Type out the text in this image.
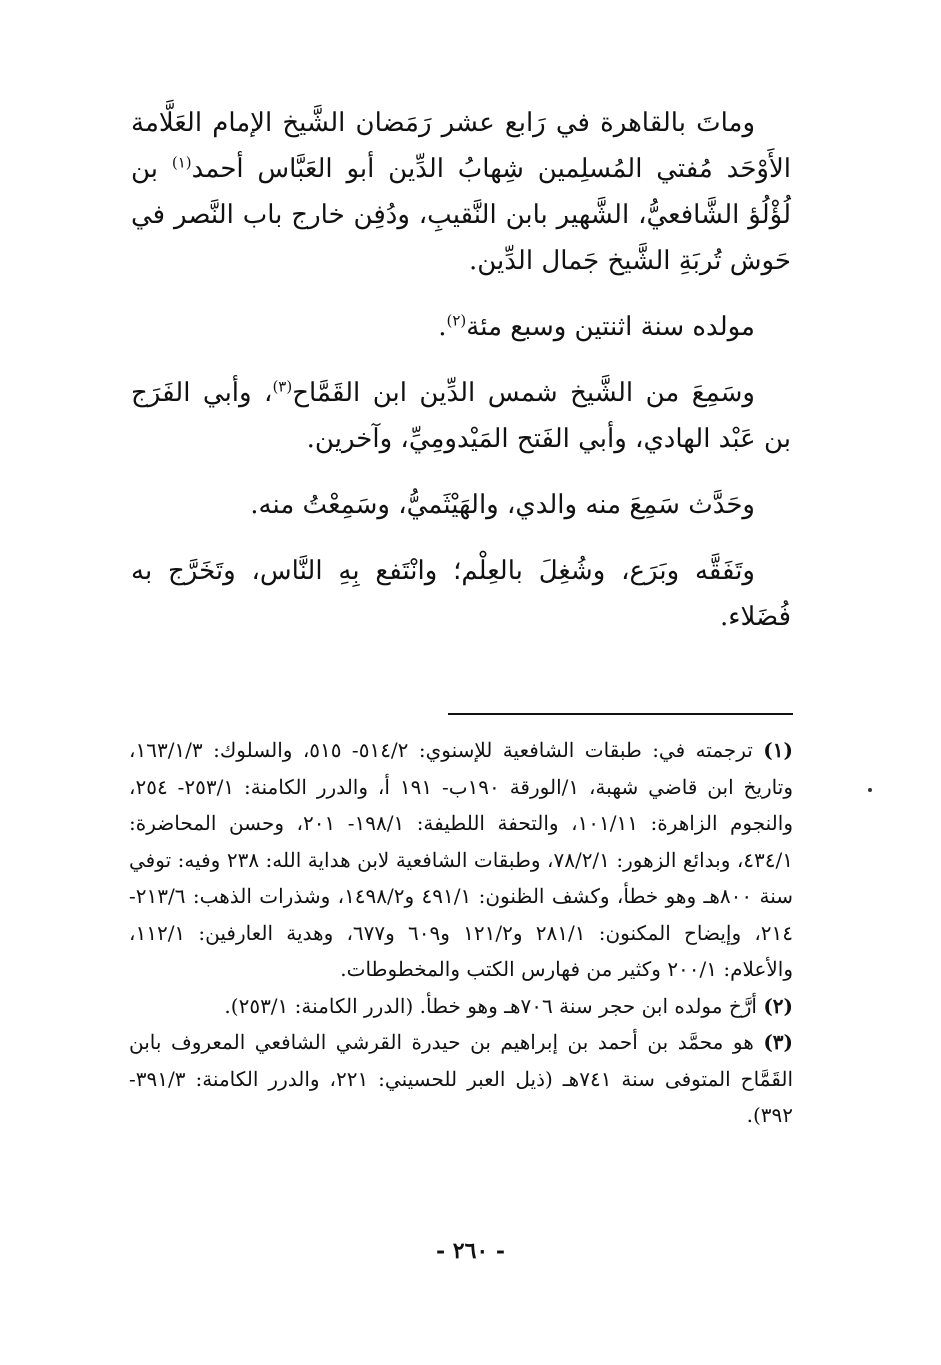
وماتَ بالقاهرة في رَابع عشر رَمَضان الشَّيخ الإمام العَلَّامة الأَوْحَد مُفتي المُسلِمين شِهابُ الدِّين أبو العَبَّاس أحمد$^{(١)}$ بن لُؤْلُؤ الشَّافعيُّ، الشَّهير بابن النَّقيبِ، ودُفِن خارج باب النَّصر في حَوش تُربَةِ الشَّيخ جَمال الدِّين.

مولده سنة اثنتين وسبع مئة$^{(٢)}$.

وسَمِعَ من الشَّيخ شمس الدِّين ابن القَمَّاح$^{(٣)}$، وأبي الفَرَج بن عَبْد الهادي، وأبي الفَتح المَيْدومِيِّ، وآخرين.

وحَدَّث سَمِعَ منه والدي، والهَيْثَميُّ، وسَمِعْتُ منه.

وتَفَقَّه وبَرَع، وشُغِلَ بالعِلْم؛ وانْتَفع بِهِ النَّاس، وتَخَرَّج به فُضَلاء.

(١) ترجمته في: طبقات الشافعية للإسنوي: ٥١٤/٢- ٥١٥، والسلوك: ١٦٣/١/٣، وتاريخ ابن قاضي شهبة، ١/الورقة ١٩٠ب- ١٩١ أ، والدرر الكامنة: ٢٥٣/١- ٢٥٤، والنجوم الزاهرة: ١٠١/١١، والتحفة اللطيفة: ١٩٨/١- ٢٠١، وحسن المحاضرة: ٤٣٤/١، وبدائع الزهور: ٧٨/٢/١، وطبقات الشافعية لابن هداية الله: ٢٣٨ وفيه: توفي سنة ٨٠٠هـ وهو خطأ، وكشف الظنون: ٤٩١/١ و١٤٩٨/٢، وشذرات الذهب: ٢١٣/٦- ٢١٤، وإيضاح المكنون: ٢٨١/١ و١٢١/٢ و٦٠٩ و٦٧٧، وهدية العارفين: ١١٢/١، والأعلام: ٢٠٠/١ وكثير من فهارس الكتب والمخطوطات.

(٢) أرَّخ مولده ابن حجر سنة ٧٠٦هـ وهو خطأ. (الدرر الكامنة: ٢٥٣/١).

(٣) هو محمَّد بن أحمد بن إبراهيم بن حيدرة القرشي الشافعي المعروف بابن القَمَّاح المتوفى سنة ٧٤١هـ (ذيل العبر للحسيني: ٢٢١، والدرر الكامنة: ٣٩١/٣- ٣٩٢).

- ٢٦٠ -
